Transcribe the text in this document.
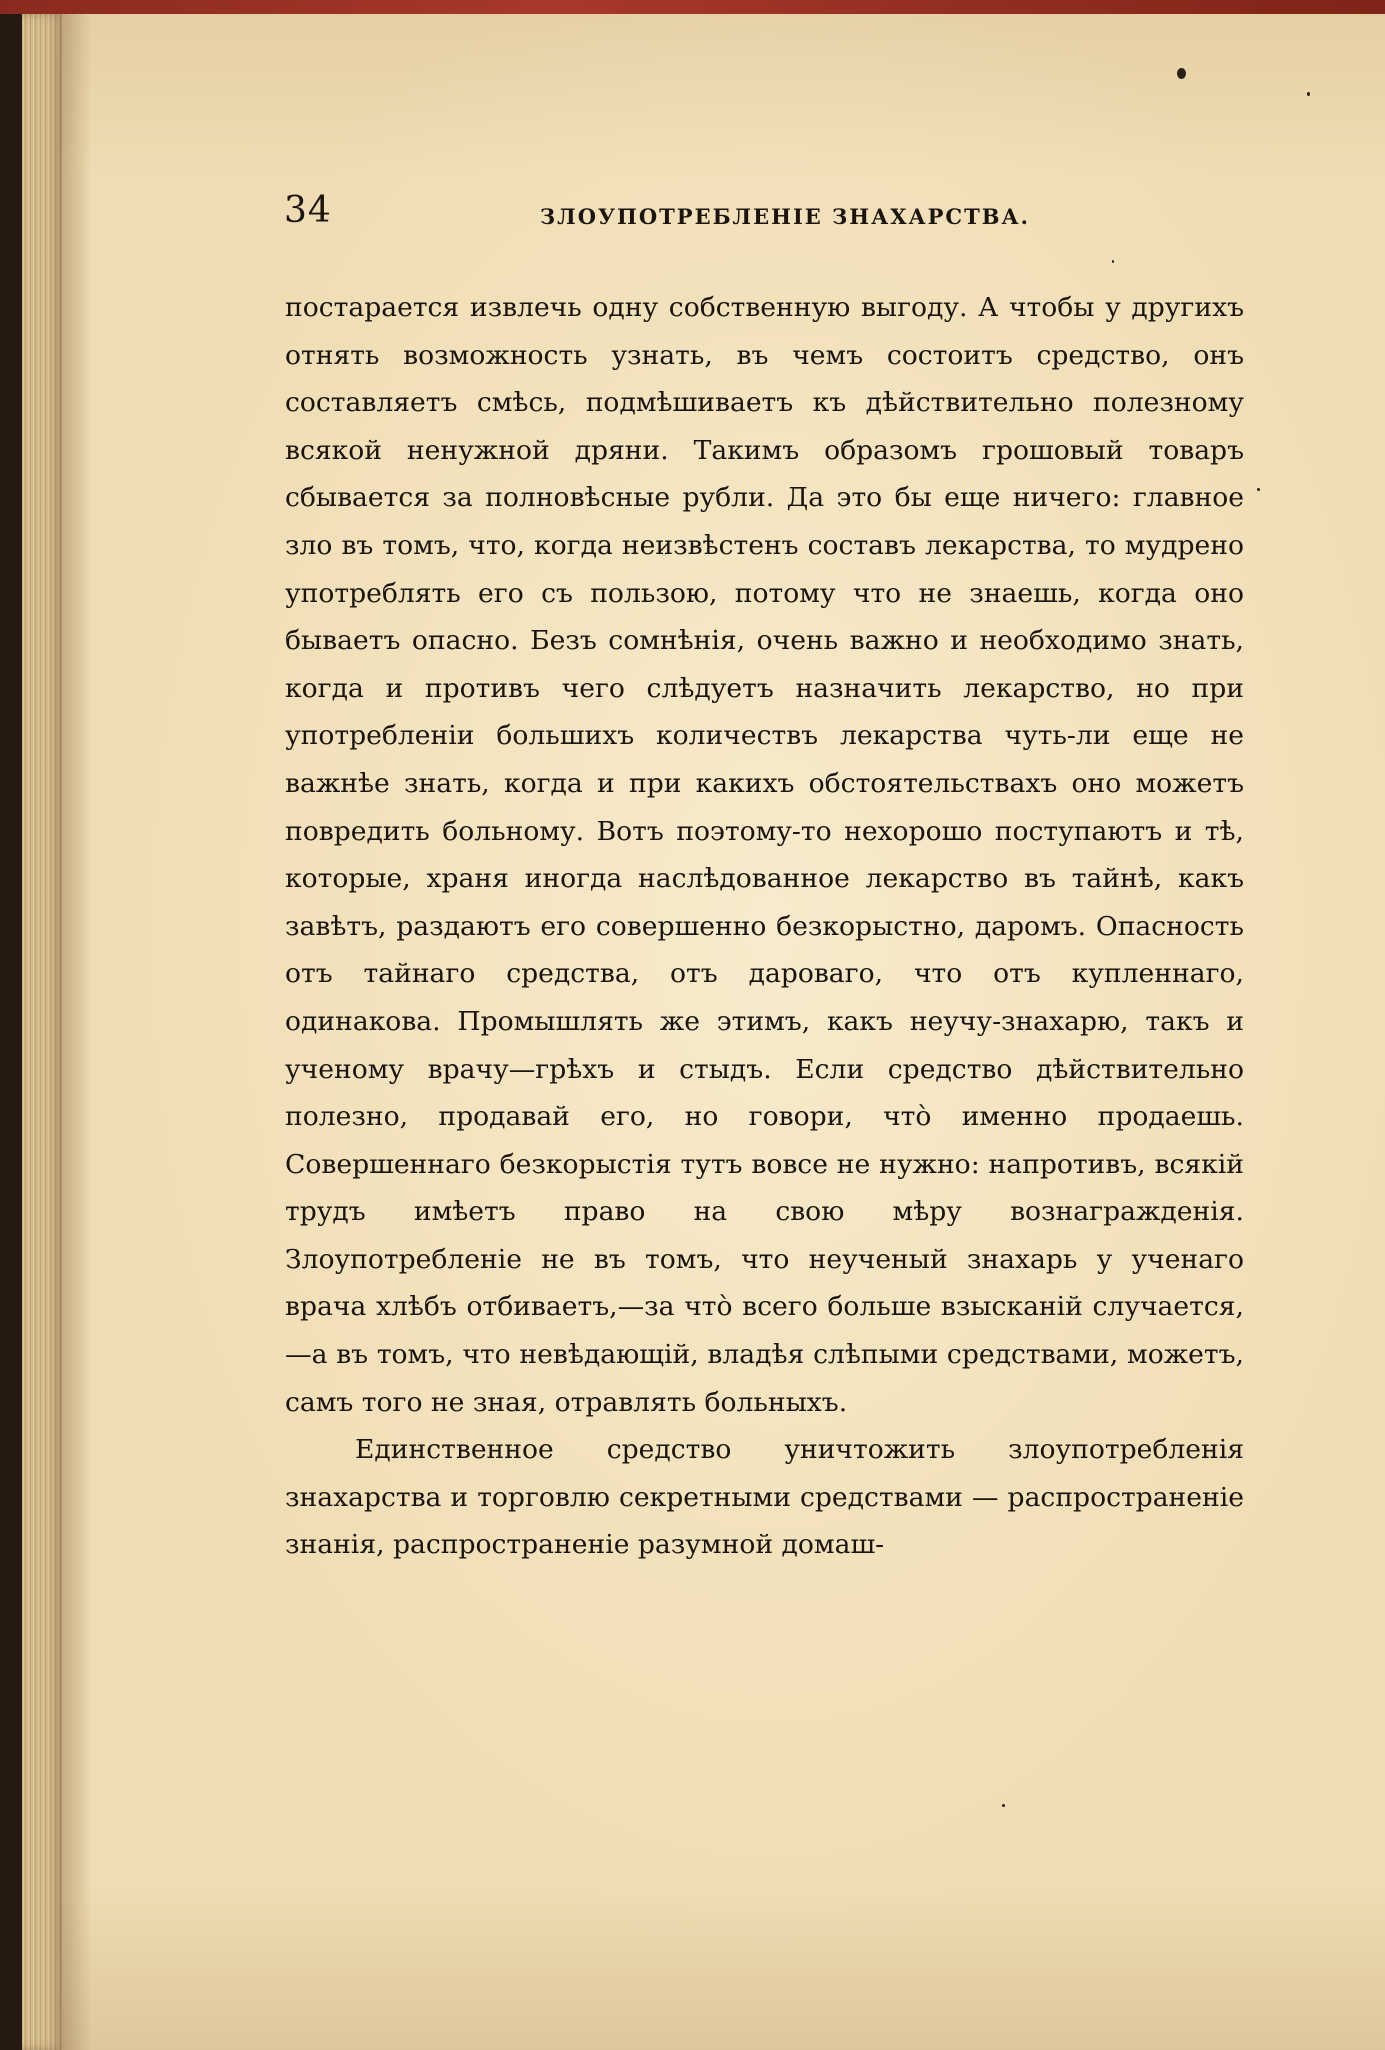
34	ЗЛОУПОТРЕБЛЕНІЕ ЗНАХАРСТВА.

постарается извлечь одну собственную выгоду. А чтобы у другихъ отнять возможность узнать, въ чемъ состоитъ средство, онъ составляетъ смѣсь, подмѣшиваетъ къ дѣйствительно полезному всякой ненужной дряни. Такимъ образомъ грошовый товаръ сбывается за полновѣсные рубли. Да это бы еще ничего: главное зло въ томъ, что, когда неизвѣстенъ составъ лекарства, то мудрено употреблять его съ пользою, потому что не знаешь, когда оно бываетъ опасно. Безъ сомнѣнія, очень важно и необходимо знать, когда и противъ чего слѣдуетъ назначить лекарство, но при употребленіи большихъ количествъ лекарства чуть-ли еще не важнѣе знать, когда и при какихъ обстоятельствахъ оно можетъ повредить больному. Вотъ поэтому-то нехорошо поступаютъ и тѣ, которые, храня иногда наслѣдованное лекарство въ тайнѣ, какъ завѣтъ, раздаютъ его совершенно безкорыстно, даромъ. Опасность отъ тайнаго средства, отъ дароваго, что отъ купленнаго, одинакова. Промышлять же этимъ, какъ неучу-знахарю, такъ и ученому врачу—грѣхъ и стыдъ. Если средство дѣйствительно полезно, продавай его, но говори, что̀ именно продаешь. Совершеннаго безкорыстія тутъ вовсе не нужно: напротивъ, всякій трудъ имѣетъ право на свою мѣру вознагражденія. Злоупотребленіе не въ томъ, что неученый знахарь у ученаго врача хлѣбъ отбиваетъ,—за что̀ всего больше взысканій случается,—а въ томъ, что невѣдающій, владѣя слѣпыми средствами, можетъ, самъ того не зная, отравлять больныхъ.

Единственное средство уничтожить злоупотребленія знахарства и торговлю секретными средствами — распространеніе знанія, распространеніе разумной домаш-
